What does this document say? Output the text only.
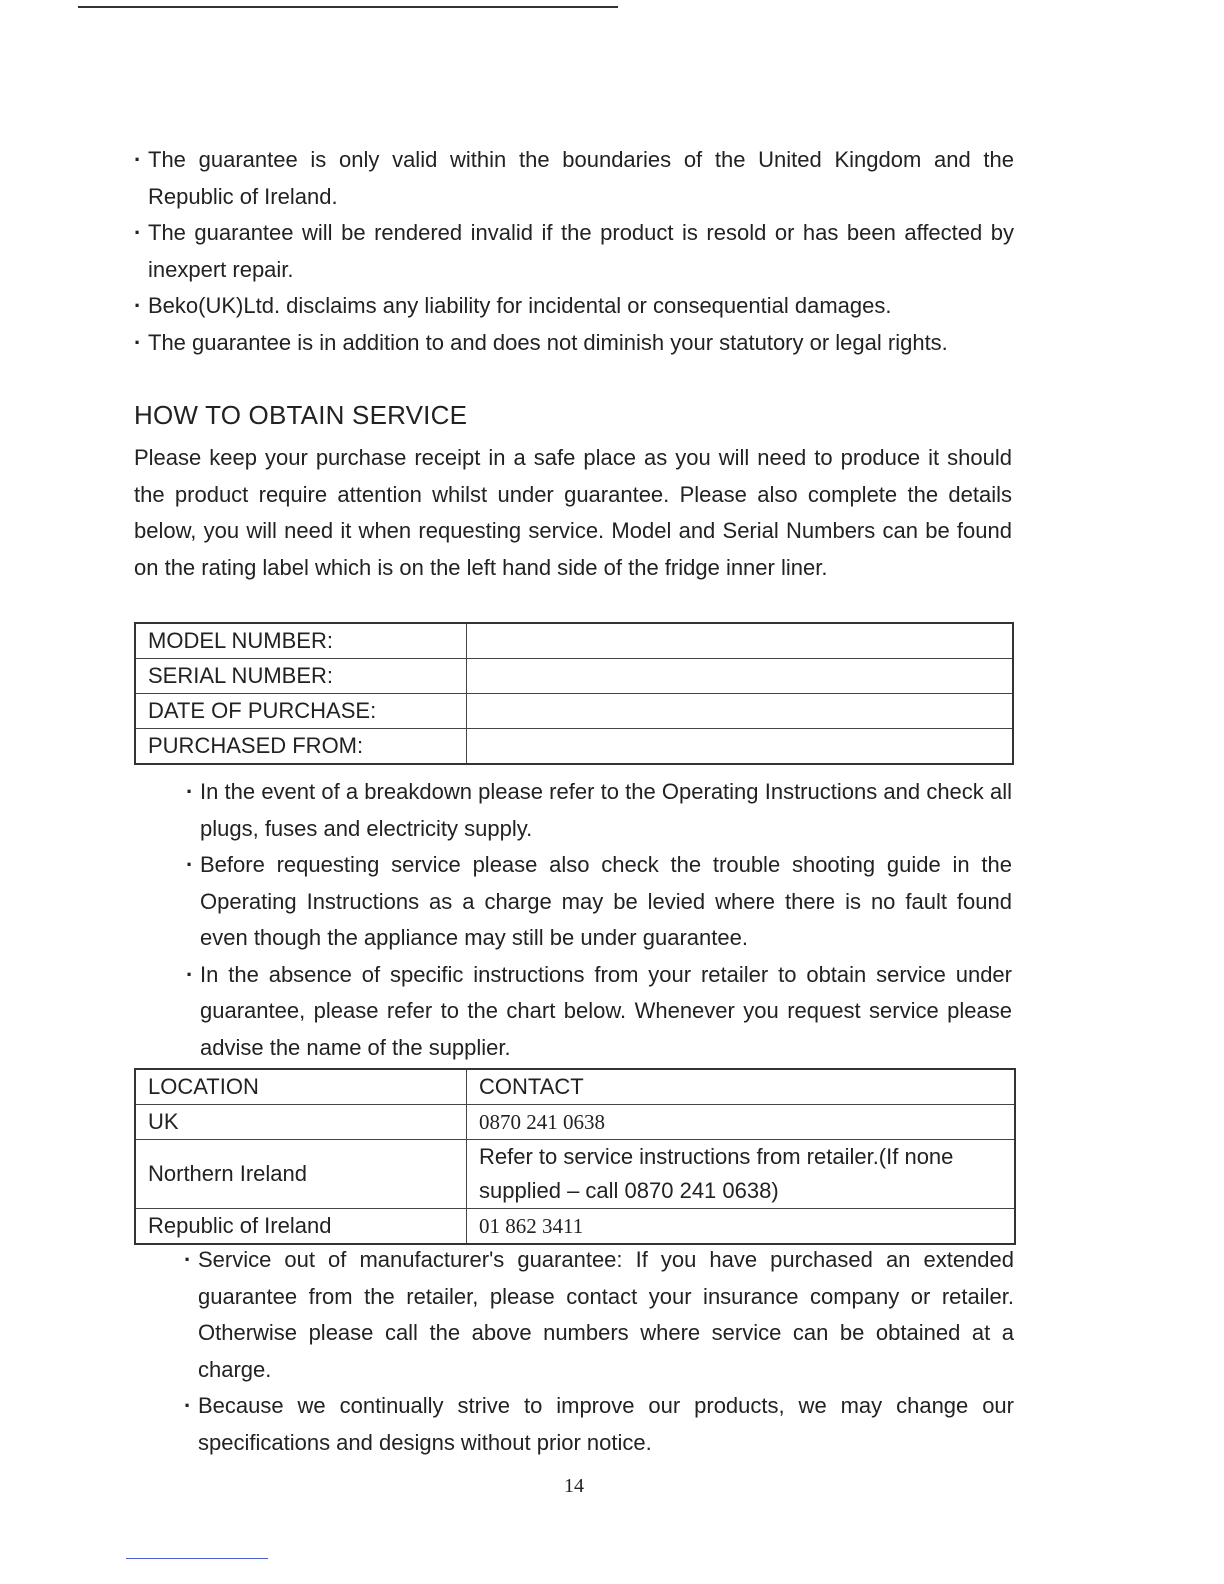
· The guarantee is only valid within the boundaries of the United Kingdom and the Republic of Ireland.
· The guarantee will be rendered invalid if the product is resold or has been affected by inexpert repair.
· Beko(UK)Ltd. disclaims any liability for incidental or consequential damages.
· The guarantee is in addition to and does not diminish your statutory or legal rights.
HOW TO OBTAIN SERVICE

Please keep your purchase receipt in a safe place as you will need to produce it should the product require attention whilst under guarantee. Please also complete the details below, you will need it when requesting service. Model and Serial Numbers can be found on the rating label which is on the left hand side of the fridge inner liner.

MODEL NUMBER:	
SERIAL NUMBER:	
DATE OF PURCHASE:	
PURCHASED FROM:	
· In the event of a breakdown please refer to the Operating Instructions and check all plugs, fuses and electricity supply.
· Before requesting service please also check the trouble shooting guide in the Operating Instructions as a charge may be levied where there is no fault found even though the appliance may still be under guarantee.
· In the absence of specific instructions from your retailer to obtain service under guarantee, please refer to the chart below. Whenever you request service please advise the name of the supplier.
LOCATION	CONTACT
UK	0870 241 0638
Northern Ireland	Refer to service instructions from retailer.(If none
supplied – call 0870 241 0638)

Republic of Ireland	01 862 3411
· Service out of manufacturer's guarantee: If you have purchased an extended guarantee from the retailer, please contact your insurance company or retailer. Otherwise please call the above numbers where service can be obtained at a charge.
· Because we continually strive to improve our products, we may change our specifications and designs without prior notice.
14
